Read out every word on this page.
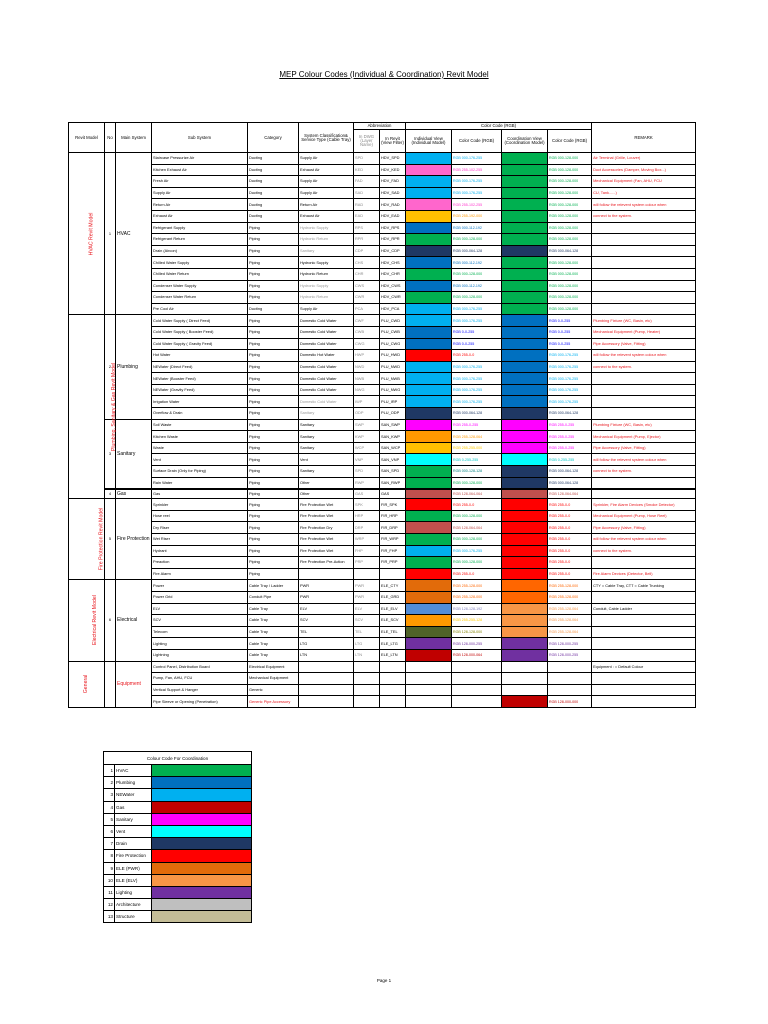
MEP Colour Codes (Individual & Coordination) Revit Model
Revit Model	No	Main System	Sub System	Category	System Classification& Service Type (Cable Tray)	Abbreviation		Color Code (RGB)				REMARK
						In DWG (Layer Name)	In Revit (View Filter)	Individual View (Individual Model)	Color Code (RGB)	Coordination View (Coordination Model)	Color Code (RGB)	
HVAC Revit Model	1	HVAC	Staircase Pressurize Air	Ducting	Supply Air	SPD	HDV_SPD		RGB 000-176-255		RGB 000-128-000	Air Terminal (Grille, Louver)
			Kitchen Exhaust Air	Ducting	Exhaust Air	KED	HDV_KED		RGB 255-102-255		RGB 000-128-000	Duct Accessories (Damper, Moving Box...)
			Fresh Air	Ducting	Supply Air	FAD	HDV_FAD		RGB 000-176-255		RGB 000-128-000	Mechanical Equipment (Fan, AHU, FCU
			Supply Air	Ducting	Supply Air	SAD	HDV_SAD		RGB 000-176-255		RGB 000-128-000	CU, Tank......)
			Return Air	Ducting	Return Air	RAD	HDV_RAD		RGB 255-102-255		RGB 000-128-000	will follow the relevent system colour when
			Exhaust Air	Ducting	Exhaust Air	EAD	HDV_EAD		RGB 255-192-000		RGB 000-128-000	connect to the system.
			Refrigerant Supply	Piping	Hydronic Supply	RPS	HDV_RPS		RGB 000-112-192		RGB 000-128-000	
			Refrigerant Return	Piping	Hydronic Return	RPR	HDV_RPR		RGB 000-128-000		RGB 000-128-000	
			Drain (Aircon)	Piping	Sanitary	CDP	HDV_CDP		RGB 000-064-128		RGB 000-064-128	
			Chilled Water Supply	Piping	Hydronic Supply	CHS	HDV_CHS		RGB 000-112-192		RGB 000-128-000	
			Chilled Water Return	Piping	Hydronic Return	CHR	HDV_CHR		RGB 000-128-000		RGB 000-128-000	
			Condenser Water Supply	Piping	Hydronic Supply	CWS	HDV_CWS		RGB 000-112-192		RGB 000-128-000	
			Condenser Water Return	Piping	Hydronic Return	CWR	HDV_CWR		RGB 000-128-000		RGB 000-128-000	
			Pre Cool Air	Ducting	Supply Air	PCA	HDV_PCA		RGB 000-176-255		RGB 000-128-000	
Plumbing, Sanitary & Gas Revit Model	2	Plumbing	Cold Water Supply ( Direct Feed)	Piping	Domestic Cold Water	CWF	PLU_CWD		RGB 000-176-255		RGB 0-0-255	Plumbing Fixture (WC, Basin, etc)
			Cold Water Supply ( Booster Feed)	Piping	Domestic Cold Water	CWB	PLU_CWB		RGB 0-0-255		RGB 0-0-255	Mechanical Equipment (Pump, Heater)
			Cold Water Supply ( Gravity Feed)	Piping	Domestic Cold Water	CWG	PLU_CWG		RGB 0-0-255		RGB 0-0-255	Pipe Accessory (Valve, Fitting)
			Hot Water	Piping	Domestic Hot Water	HWP	PLU_HWD		RGB 255-0-0		RGB 000-176-255	will follow the relevent system colour when
			NEWater (Direct Feed)	Piping	Domestic Cold Water	NWD	PLU_NWD		RGB 000-176-255		RGB 000-176-255	connect to the system.
			NEWater (Booster Feed)	Piping	Domestic Cold Water	NWB	PLU_NWB		RGB 000-176-255		RGB 000-176-255	
			NEWater (Gravity Feed)	Piping	Domestic Cold Water	NWG	PLU_NWG		RGB 000-176-255		RGB 000-176-255	
			Irrigation Water	Piping	Domestic Cold Water	IWP	PLU_IRP		RGB 000-176-255		RGB 000-176-255	
			Overflow & Drain	Piping	Sanitary	ODP	PLU_ODP		RGB 000-064-128		RGB 000-064-128	
	3	Sanitary	Soil Waste	Piping	Sanitary	SWP	SAN_SWP		RGB 255-0-255		RGB 255-0-255	Plumbing Fixture (WC, Basin, etc)
			Kitchen Waste	Piping	Sanitary	KWP	SAN_KWP		RGB 255-128-064		RGB 255-0-255	Mechanical Equipment (Pump, Ejector)
			Waste	Piping	Sanitary	WCP	SAN_WCP		RGB 255-255-000		RGB 255-0-255	Pipe Accessory (Valve, Fitting)
			Vent	Piping	Vent	VNP	SAN_VNP		RGB 0-255-255		RGB 0-255-255	will follow the relevent system colour when
			Surface Drain (Only for Piping)	Piping	Sanitary	SPD	SAN_SPD		RGB 000-128-128		RGB 000-064-128	connect to the system.
			Rain Water	Piping	Other	RWP	SAN_RWP		RGB 000-128-000		RGB 000-064-128	
	4	Gas	Gas	Piping	Other	GAS	GAS		RGB 128-064-064		RGB 128-064-064	
Fire Protection Revit Model	5	Fire Protection	Sprinkler	Piping	Fire Protection Wet	SPK	FIR_SPK		RGB 255-0-0		RGB 255-0-0	Sprinkler, Fire Alarm Devices (Smoke Detector)
			Hose reel	Piping	Fire Protection Wet	HRP	FIR_HRP		RGB 000-128-000		RGB 255-0-0	Mechanical Equipment (Pump, Hose Reel)
			Dry Riser	Piping	Fire Protection Dry	DRP	FIR_DRP		RGB 128-064-064		RGB 255-0-0	Pipe Accessory (Valve, Fitting)
			Wet Riser	Piping	Fire Protection Wet	WRP	FIR_WRP		RGB 000-128-000		RGB 255-0-0	will follow the relevent system colour when
			Hydrant	Piping	Fire Protection Wet	FHP	FIR_FHP		RGB 000-176-255		RGB 255-0-0	connect to the system.
			Preaction	Piping	Fire Protection Pre-Action	PRP	FIR_PRP		RGB 000-128-000		RGB 255-0-0	
			Fire Alarm	Piping					RGB 255-0-0		RGB 255-0-0	Fire Alarm Devices (Detector, Bell)
Electrical Revit Model	6	Electrical	Power	Cable Tray / Ladder	PWR	PWR	ELE_CTY		RGB 255-128-000		RGB 255-128-000	CTY = Cable Tray, CTT = Cable Trunking
			Power Grid	Conduit Pipe	PWR	PWR	ELE_GRD		RGB 255-128-000		RGB 255-128-000	
			ELV	Cable Tray	ELV	ELV	ELE_ELV		RGB 128-128-192		RGB 255-128-064	Conduit, Cable Ladder
			SCV	Cable Tray	SCV	SCV	ELE_SCV		RGB 255-255-128		RGB 255-128-064	
			Telecom	Cable Tray	TEL	TEL	ELE_TEL		RGB 128-128-000		RGB 255-128-064	
			Lighting	Cable Tray	LTG	LTG	ELE_LTG		RGB 128-000-255		RGB 128-000-255	
			Lightning	Cable Tray	LTN	LTN	ELE_LTN		RGB 128-000-064		RGB 128-000-255	
General		Equipment	Control Panel, Distribution Board	Electrical Equipment								Equipment : = Default Colour
			Pump, Fan, AHU, FCU	Mechanical Equipment								
			Vertical Support & Hanger	Generic								
			Pipe Sleeve or Opening (Penetration)	Generic Pipe Accessory							RGB 128-000-000	
Colour Code For Coordination		
1	HVAC	
2	Plumbing	
3	NEWater	
4	Gas	
5	Sanitary	
6	Vent	
7	Drain	
8	Fire Protection	
9	ELE (PWR)	
10	ELE (ELV)	
11	Lighting	
12	Architecture	
13	Structure	
Page 1
